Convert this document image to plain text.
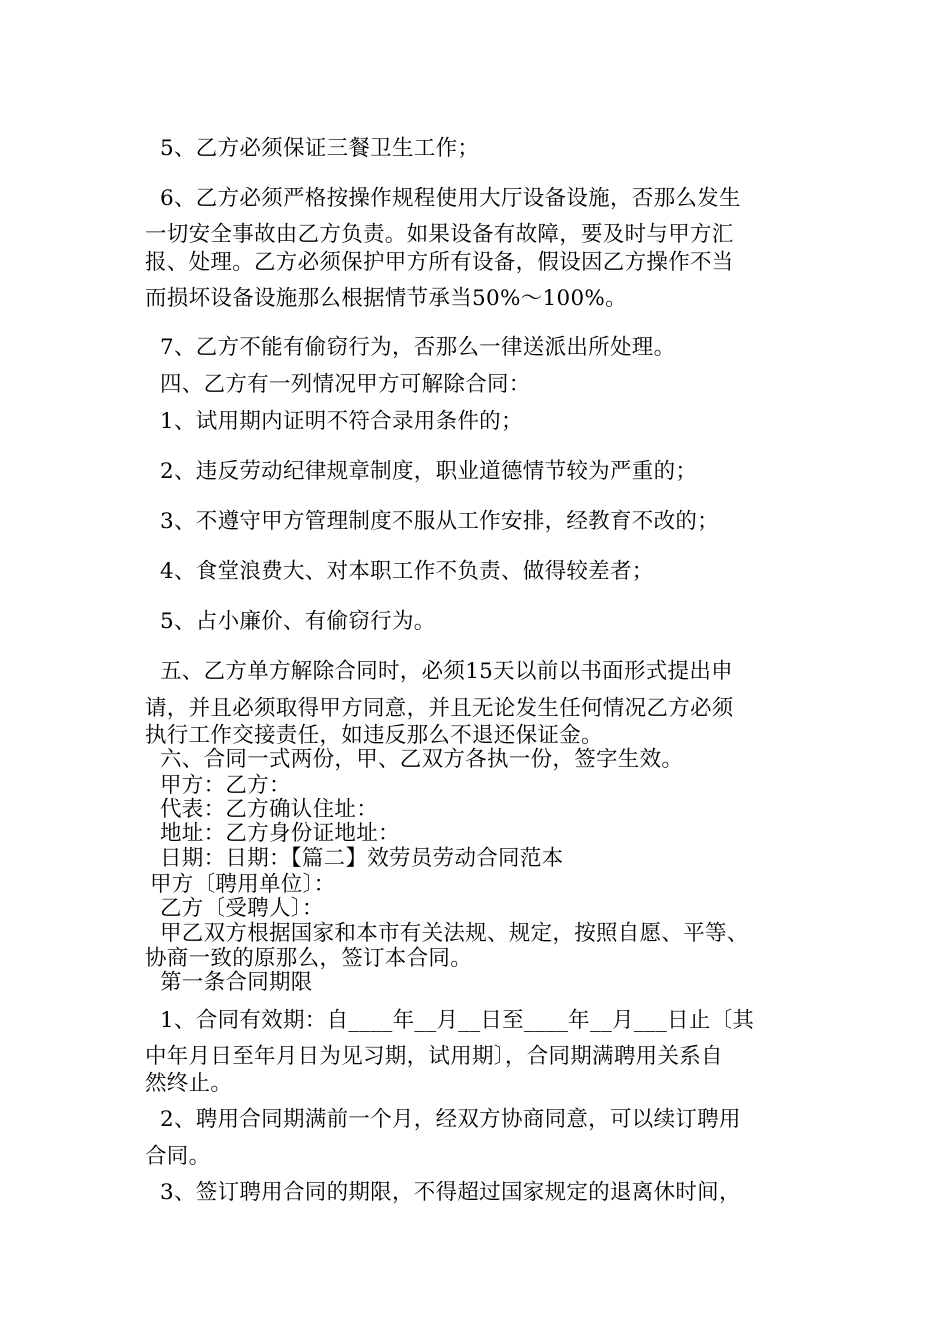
5、乙方必须保证三餐卫生工作；
6、乙方必须严格按操作规程使用大厅设备设施，否那么发生
一切安全事故由乙方负责。如果设备有故障，要及时与甲方汇
报、处理。乙方必须保护甲方所有设备，假设因乙方操作不当
而损坏设备设施那么根据情节承当50%～100%。
7、乙方不能有偷窃行为，否那么一律送派出所处理。
四、乙方有一列情况甲方可解除合同：
1、试用期内证明不符合录用条件的；
2、违反劳动纪律规章制度，职业道德情节较为严重的；
3、不遵守甲方管理制度不服从工作安排，经教育不改的；
4、食堂浪费大、对本职工作不负责、做得较差者；
5、占小廉价、有偷窃行为。
五、乙方单方解除合同时，必须15天以前以书面形式提出申
请，并且必须取得甲方同意，并且无论发生任何情况乙方必须
执行工作交接责任，如违反那么不退还保证金。
六、合同一式两份，甲、乙双方各执一份，签字生效。
甲方：乙方：
代表：乙方确认住址：
地址：乙方身份证地址：
日期：日期：【篇二】效劳员劳动合同范本
甲方〔聘用单位〕：
乙方〔受聘人〕：
甲乙双方根据国家和本市有关法规、规定，按照自愿、平等、
协商一致的原那么，签订本合同。
第一条合同期限
1、合同有效期：自____年__月__日至____年__月___日止〔其
中年月日至年月日为见习期，试用期〕，合同期满聘用关系自
然终止。
2、聘用合同期满前一个月，经双方协商同意，可以续订聘用
合同。
3、签订聘用合同的期限，不得超过国家规定的退离休时间，
